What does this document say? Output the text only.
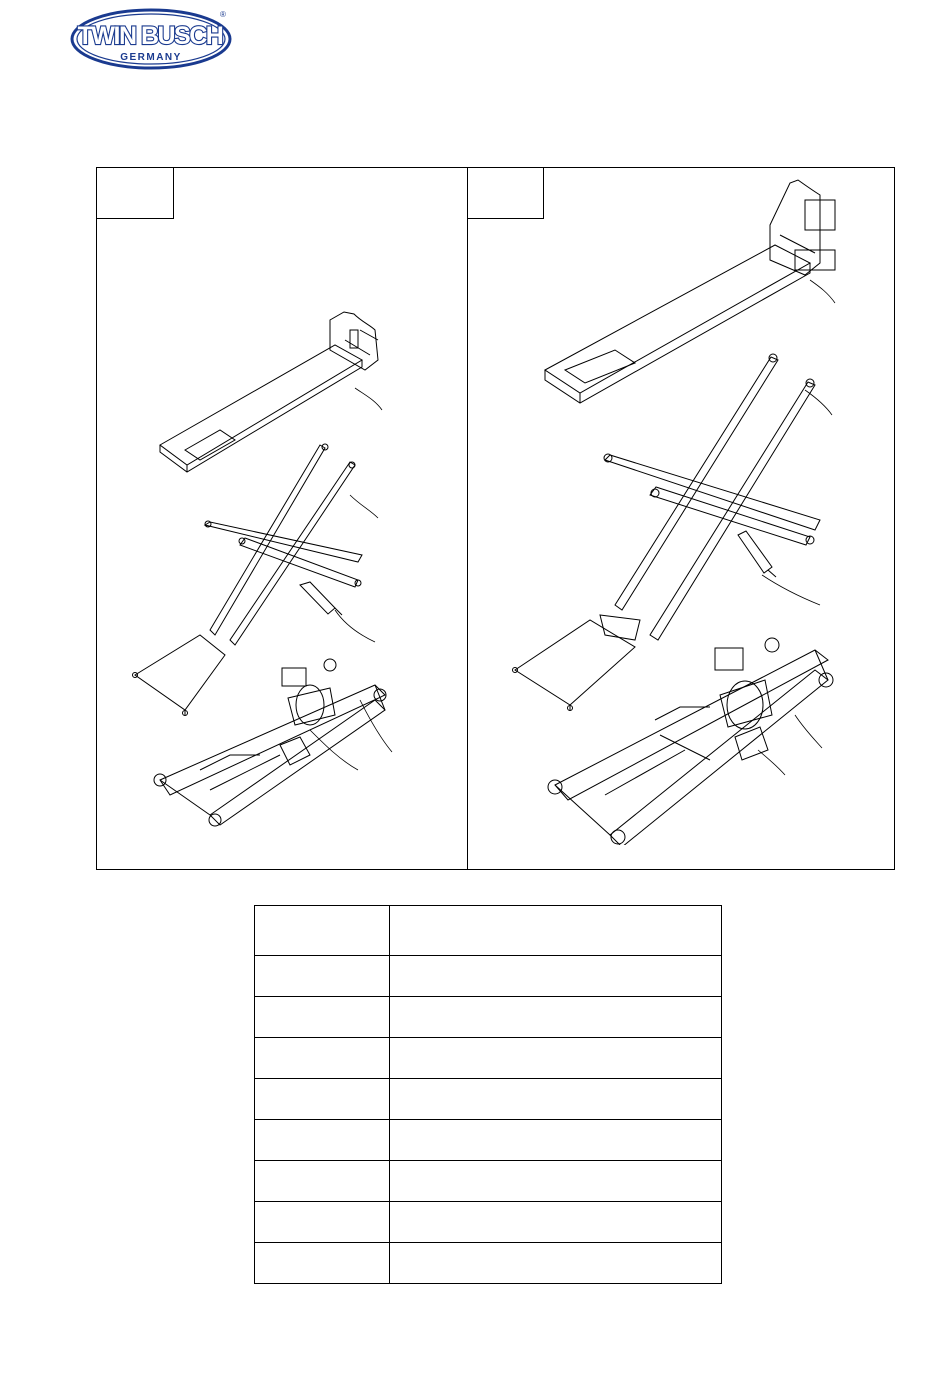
TWIN BUSCH
GERMANY
®
